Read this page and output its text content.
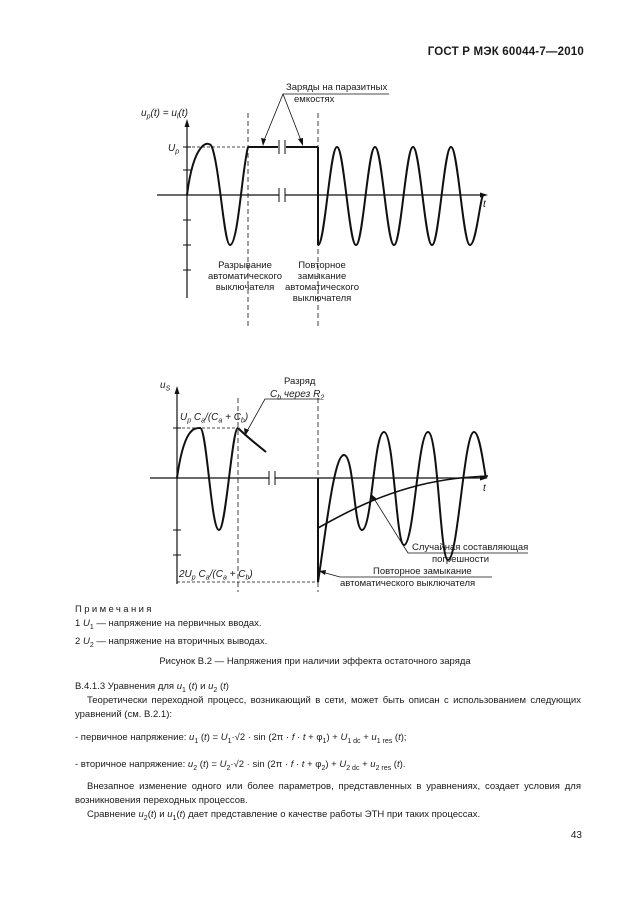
ГОСТ Р МЭК 60044-7—2010
$u_p(t) = u_l(t)$
$U_p$
t
Заряды на паразитных
емкостях
Разрывание
автоматического
выключателя
Повторное
замыкание
автоматического
выключателя
$u_S$
t
$U_p$ $C_a/(C_a + C_b)$
$2U_p$ $C_a/(C_a + C_b)$
Разряд
$C_b$ через $R_2$
Случайная составляющая
погрешности
Повторное замыкание
автоматического выключателя
Примечания
1 $U_1$ — напряжение на первичных вводах.
2 $U_2$ — напряжение на вторичных выводах.
Рисунок В.2 — Напряжения при наличии эффекта остаточного заряда
В.4.1.3 Уравнения для $u_1$ (t) и $u_2$ (t)
Теоретически переходной процесс, возникающий в сети, может быть описан с использованием следующих уравнений (см. В.2.1):
- первичное напряжение: $u_1$ $(t) = U_1\cdot√2 \cdot \sin (2\pi \cdot f \cdot t + \varphi_1) + U_{1 dc} + u_{1 res}$ (t);
- вторичное напряжение: $u_2$ $(t) = U_2\cdot√2 \cdot \sin (2\pi \cdot f \cdot t + \varphi_2) + U_{2 dc} + u_{2 res}$ (t).
Внезапное изменение одного или более параметров, представленных в уравнениях, создает условия для возникновения переходных процессов.
Сравнение $u_2(t)$ и $u_1(t)$ дает представление о качестве работы ЭТН при таких процессах.
43
